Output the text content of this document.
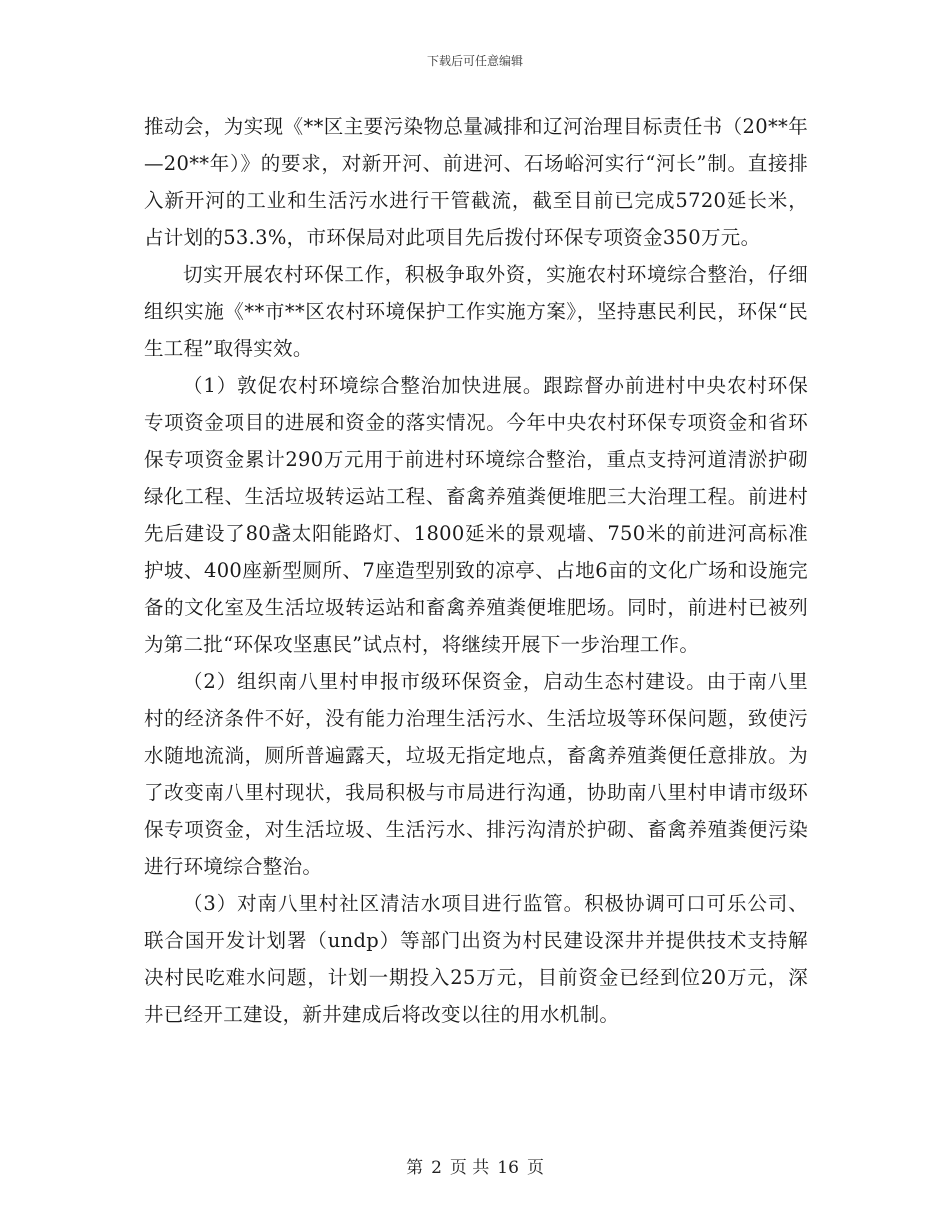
下载后可任意编辑

推动会，为实现《**区主要污染物总量减排和辽河治理目标责任书（20**年—20**年）》的要求，对新开河、前进河、石场峪河实行“河长”制。直接排入新开河的工业和生活污水进行干管截流，截至目前已完成5720延长米，占计划的53.3%，市环保局对此项目先后拨付环保专项资金350万元。

切实开展农村环保工作，积极争取外资，实施农村环境综合整治，仔细组织实施《**市**区农村环境保护工作实施方案》，坚持惠民利民，环保“民生工程”取得实效。

（1）敦促农村环境综合整治加快进展。跟踪督办前进村中央农村环保专项资金项目的进展和资金的落实情况。今年中央农村环保专项资金和省环保专项资金累计290万元用于前进村环境综合整治，重点支持河道清淤护砌绿化工程、生活垃圾转运站工程、畜禽养殖粪便堆肥三大治理工程。前进村先后建设了80盏太阳能路灯、1800延米的景观墙、750米的前进河高标准护坡、400座新型厕所、7座造型别致的凉亭、占地6亩的文化广场和设施完备的文化室及生活垃圾转运站和畜禽养殖粪便堆肥场。同时，前进村已被列为第二批“环保攻坚惠民”试点村，将继续开展下一步治理工作。

（2）组织南八里村申报市级环保资金，启动生态村建设。由于南八里村的经济条件不好，没有能力治理生活污水、生活垃圾等环保问题，致使污水随地流淌，厕所普遍露天，垃圾无指定地点，畜禽养殖粪便任意排放。为了改变南八里村现状，我局积极与市局进行沟通，协助南八里村申请市级环保专项资金，对生活垃圾、生活污水、排污沟清於护砌、畜禽养殖粪便污染进行环境综合整治。

（3）对南八里村社区清洁水项目进行监管。积极协调可口可乐公司、联合国开发计划署（undp）等部门出资为村民建设深井并提供技术支持解决村民吃难水问题，计划一期投入25万元，目前资金已经到位20万元，深井已经开工建设，新井建成后将改变以往的用水机制。

第 2 页 共 16 页
